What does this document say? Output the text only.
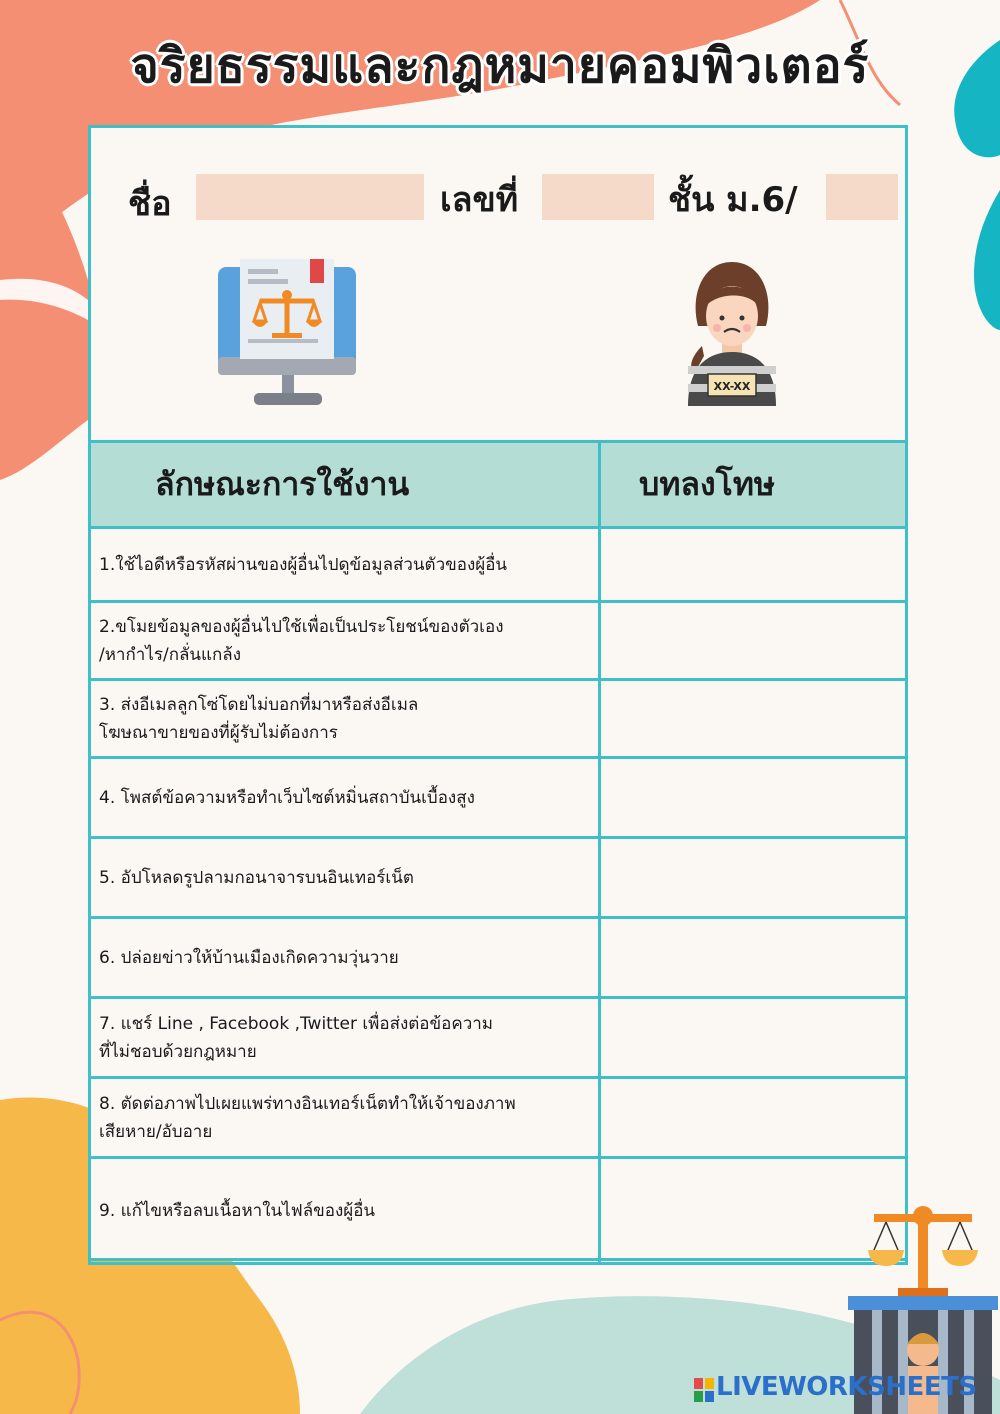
จริยธรรมและกฎหมายคอมพิวเตอร์
ชื่อ	เลขที่	ชั้น ม.6/
XX-XX
ลักษณะการใช้งาน	บทลงโทษ

1.ใช้ไอดีหรือรหัสผ่านของผู้อื่นไปดูข้อมูลส่วนตัวของผู้อื่น

2.ขโมยข้อมูลของผู้อื่นไปใช้เพื่อเป็นประโยชน์ของตัวเอง
/หากำไร/กลั่นแกล้ง

3. ส่งอีเมลลูกโซ่โดยไม่บอกที่มาหรือส่งอีเมล
โฆษณาขายของที่ผู้รับไม่ต้องการ

4. โพสต์ข้อความหรือทำเว็บไซต์หมิ่นสถาบันเบื้องสูง

5. อัปโหลดรูปลามกอนาจารบนอินเทอร์เน็ต

6. ปล่อยข่าวให้บ้านเมืองเกิดความวุ่นวาย

7. แชร์ Line , Facebook ,Twitter เพื่อส่งต่อข้อความ
ที่ไม่ชอบด้วยกฎหมาย

8. ตัดต่อภาพไปเผยแพร่ทางอินเทอร์เน็ตทำให้เจ้าของภาพ
เสียหาย/อับอาย

9. แก้ไขหรือลบเนื้อหาในไฟล์ของผู้อื่น

LIVEWORKSHEETS
